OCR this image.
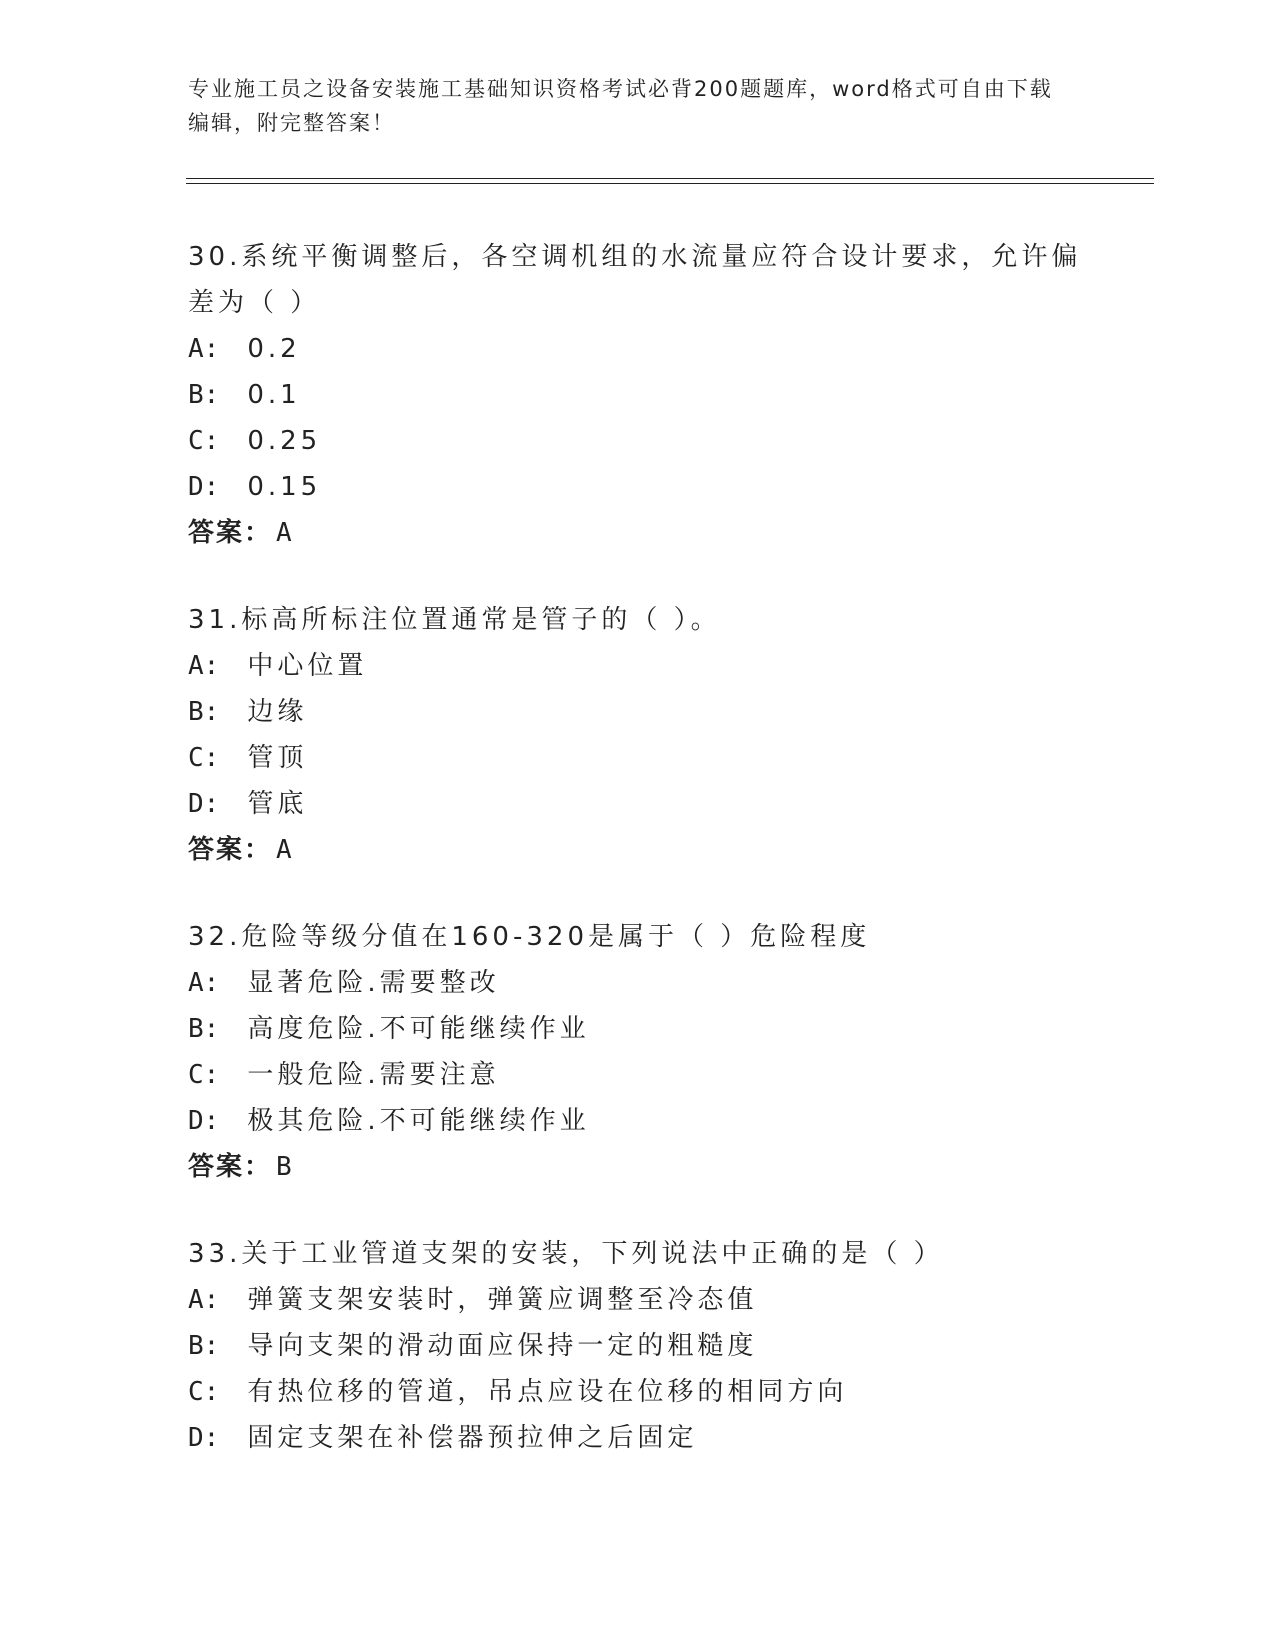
专业施工员之设备安装施工基础知识资格考试必背200题题库，word格式可自由下载编辑，附完整答案！

30.系统平衡调整后，各空调机组的水流量应符合设计要求，允许偏差为（ ）

A: 0.2
B: 0.1
C: 0.25
D: 0.15
答案： A

31.标高所标注位置通常是管子的（ ）。

A: 中心位置
B: 边缘
C: 管顶
D: 管底
答案： A

32.危险等级分值在160-320是属于（ ）危险程度

A: 显著危险.需要整改
B: 高度危险.不可能继续作业
C: 一般危险.需要注意
D: 极其危险.不可能继续作业
答案： B

33.关于工业管道支架的安装，下列说法中正确的是（ ）

A: 弹簧支架安装时，弹簧应调整至冷态值
B: 导向支架的滑动面应保持一定的粗糙度
C: 有热位移的管道，吊点应设在位移的相同方向
D: 固定支架在补偿器预拉伸之后固定
